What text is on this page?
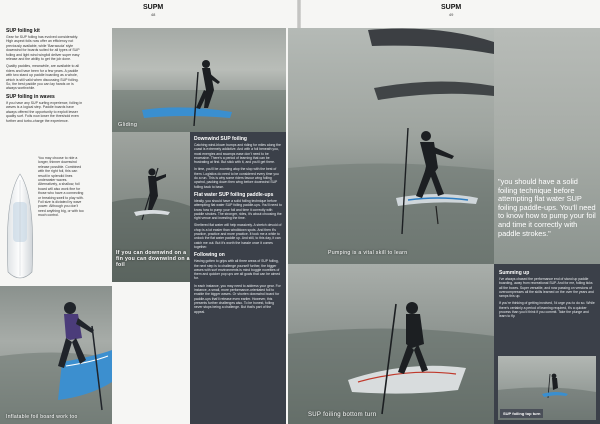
SUPM
48
SUPM
49
SUP foiling kit
Gear for SUP foiling has evolved considerably. High aspect foils now offer an efficiency not previously available, while 'Barracuda' style downwind for boards suited for all types of SUP foiling and light wind wingfoil deliver super easy release and the ability to get the job done.
Quality paddles, meanwhile, are available to all riders and have been for a few years. A paddle with two stand up paddle boarding as a whole, which is still valid when discussing SUP foiling. So, the best paddle you can lay hands on is always worthwhile.
SUP foiling in waves
If you have any SUP surfing experience, foiling in waves is a logical step. Paddle boards have always offered the opportunity to exploit lesser quality surf. Foils now lower the threshold even further and turbo-charge the experience.
You may choose to ride a longer, thinner downwind release possible. Combined with the right foil, this can result in splendid lines underwater waves. Alternatively, a shallow, foil board will also work fine for those who have a connecting or breaking swell to play with. Foil size is dictated by wave power. Although you don't need anything big, or with too much control.
Gliding
If you can downwind on a fin you can downwind on a foil
Inflatable foil board work too
Downwind SUP foiling
Catching wind-blown bumps and riding for miles along the coast is extremely addictive. And with a foil beneath you, most energies and swamps ease don't need to be excessive. There's a period of learning that can be frustrating at first. But stick with it, and you'll get there.
In time, you'll be zooming atop the slop with the best of them. Logistics do need to be considered every time you do a run. This is why some riders favour wing foiling upwind, packing down then wing before downwind SUP foiling back to base.
Flat water SUP foiling paddle-ups
Ideally, you should have a solid foiling technique before attempting flat water SUP foiling paddle-ups. You'll need to know how to pump your foil and time it correctly with paddle strokes. The stronger, rides, it's about choosing the right venue and investing the time.
Sheltered flat water will help massively. A stretch devoid of chop is a lot easier than windblown spots. And then it's practice, practice and more practice. It took me a while to unlock the flat water paddle up. And still, to this day, it can catch me out. But it's worth the hassle once it comes together.
Following on
Having gotten to grips with all three areas of SUP foiling, the next step is to challenge yourself further, the bigger waves with surf environments is mind boggle novelties of them and quicker pop ups are all goals that can be aimed for.
In each instance, you may need to address your gear. For instance, a small, more performance-orientated foil to enable the bigger waves. Or shorten downwind board for paddle-ups that'll release even earlier. However, this presents further challenges also. To be honest, foiling never stops being a challenge. But that's part of the appeal.
Pumping is a vital skill to learn
"you should have a solid foiling technique before attempting flat water SUP foiling paddle-ups. You'll need to know how to pump your foil and time it correctly with paddle strokes."
SUP foiling bottom turn
Summing up
I've always chased the performance end of stand up paddle boarding, away from recreational SUP. And for me, foiling ticks all the boxes. Super versatile, and now passing on versions of overcompresses all the skills learned on the over the years and ramps this up.
If you're thinking of getting involved, I'd urge you to do so. While there's certainly a period of learning required, it's a quicker process than you'd think if you commit. Take the plunge and learn to fly.
SUP foiling top turn
